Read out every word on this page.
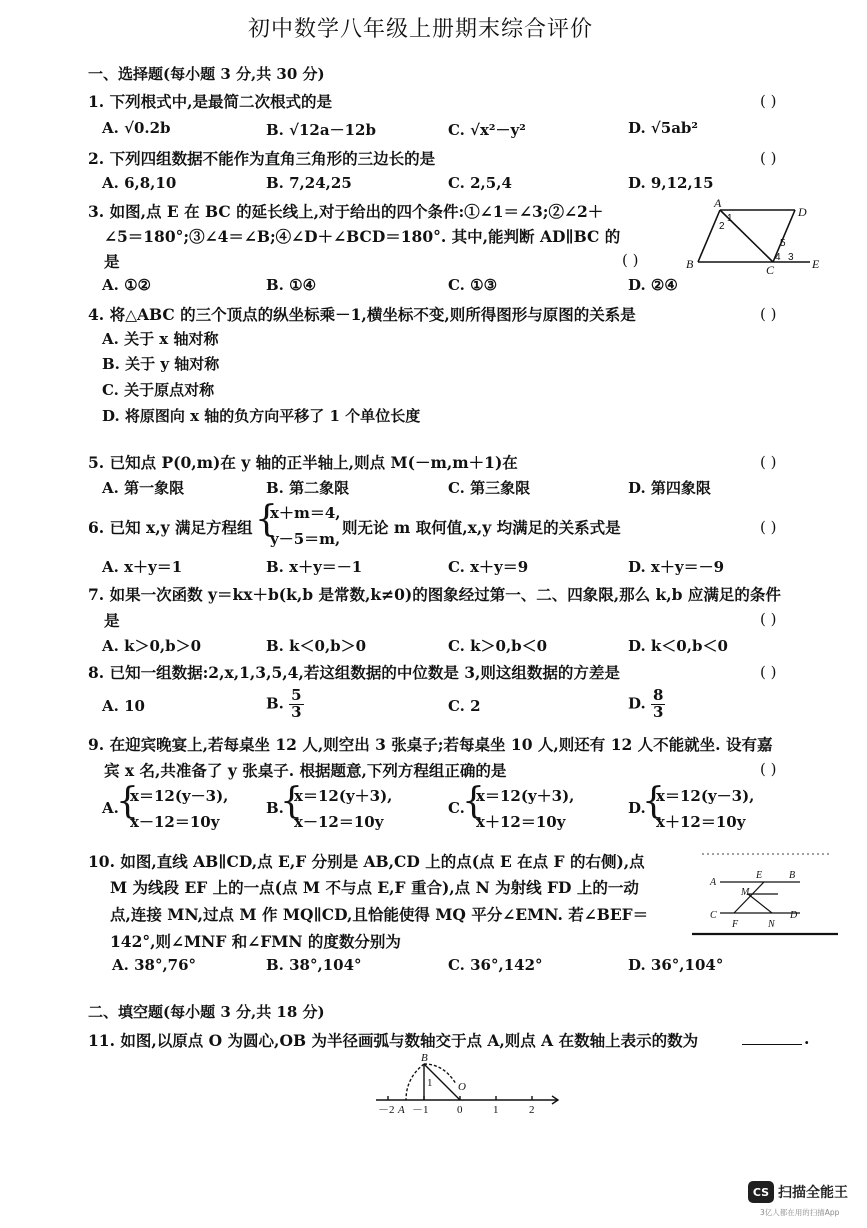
初中数学八年级上册期末综合评价
一、选择题(每小题 3 分,共 30 分)
1. 下列根式中,是最简二次根式的是	( )
A. √0.2b	B. √12a－12b	C. √x²－y²	D. √5ab²
2. 下列四组数据不能作为直角三角形的三边长的是	( )
A. 6,8,10	B. 7,24,25	C. 2,5,4	D. 9,12,15
3. 如图,点 E 在 BC 的延长线上,对于给出的四个条件:①∠1＝∠3;②∠2＋
∠5＝180°;③∠4＝∠B;④∠D＋∠BCD＝180°. 其中,能判断 AD∥BC 的
是	( )
A. ①②	B. ①④	C. ①③	D. ②④
A
D
B	C	E
1
2
3
4
5
4. 将△ABC 的三个顶点的纵坐标乘－1,横坐标不变,则所得图形与原图的关系是	( )
A. 关于 x 轴对称
B. 关于 y 轴对称
C. 关于原点对称
D. 将原图向 x 轴的负方向平移了 1 个单位长度
5. 已知点 P(0,m)在 y 轴的正半轴上,则点 M(－m,m＋1)在	( )
A. 第一象限	B. 第二象限	C. 第三象限	D. 第四象限
6. 已知 x,y 满足方程组 {
x＋m＝4,
y－5＝m,
则无论 m 取何值,x,y 均满足的关系式是	( )
A. x＋y＝1	B. x＋y＝－1	C. x＋y＝9	D. x＋y＝－9
7. 如果一次函数 y＝kx＋b(k,b 是常数,k≠0)的图象经过第一、二、四象限,那么 k,b 应满足的条件
是	( )
A. k＞0,b＞0	B. k＜0,b＞0	C. k＞0,b＜0	D. k＜0,b＜0
8. 已知一组数据:2,x,1,3,5,4,若这组数据的中位数是 3,则这组数据的方差是	( )
A. 10	B. $\frac{5}{3}$	C. 2	D. $\frac{8}{3}$
9. 在迎宾晚宴上,若每桌坐 12 人,则空出 3 张桌子;若每桌坐 10 人,则还有 12 人不能就坐. 设有嘉
宾 x 名,共准备了 y 张桌子. 根据题意,下列方程组正确的是	( )
A.
{
x＝12(y－3),
x－12＝10y
B.
{
x＝12(y＋3),
x－12＝10y
C.
{
x＝12(y＋3),
x＋12＝10y
D.
{
x＝12(y－3),
x＋12＝10y
10. 如图,直线 AB∥CD,点 E,F 分别是 AB,CD 上的点(点 E 在点 F 的右侧),点
M 为线段 EF 上的一点(点 M 不与点 E,F 重合),点 N 为射线 FD 上的一动
点,连接 MN,过点 M 作 MQ∥CD,且恰能使得 MQ 平分∠EMN. 若∠BEF＝
142°,则∠MNF 和∠FMN 的度数分别为
A. 38°,76°	B. 38°,104°	C. 36°,142°	D. 36°,104°
A
B
C	D
E
F
M
N
二、填空题(每小题 3 分,共 18 分)
11. 如图,以原点 O 为圆心,OB 为半径画弧与数轴交于点 A,则点 A 在数轴上表示的数为	.
B
A
O
1
－2 －1	0	1	2
CS 扫描全能王
3亿人都在用的扫描App
